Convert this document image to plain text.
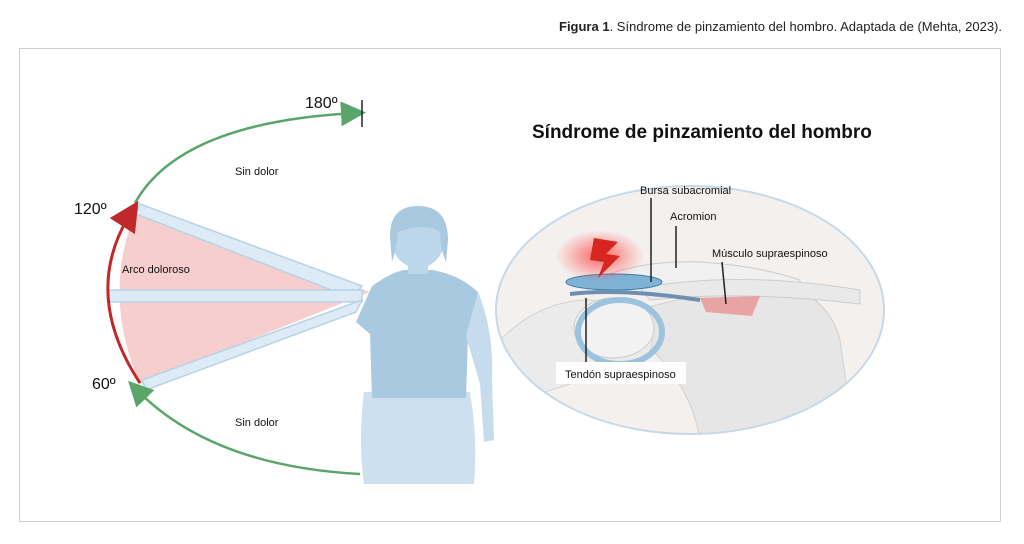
Figura 1. Síndrome de pinzamiento del hombro. Adaptada de (Mehta, 2023).
180º
120º
60º
Sin dolor
Arco doloroso
Sin dolor
Síndrome de pinzamiento del hombro
Bursa subacromial
Acromion
Músculo supraespinoso
Tendón supraespinoso
